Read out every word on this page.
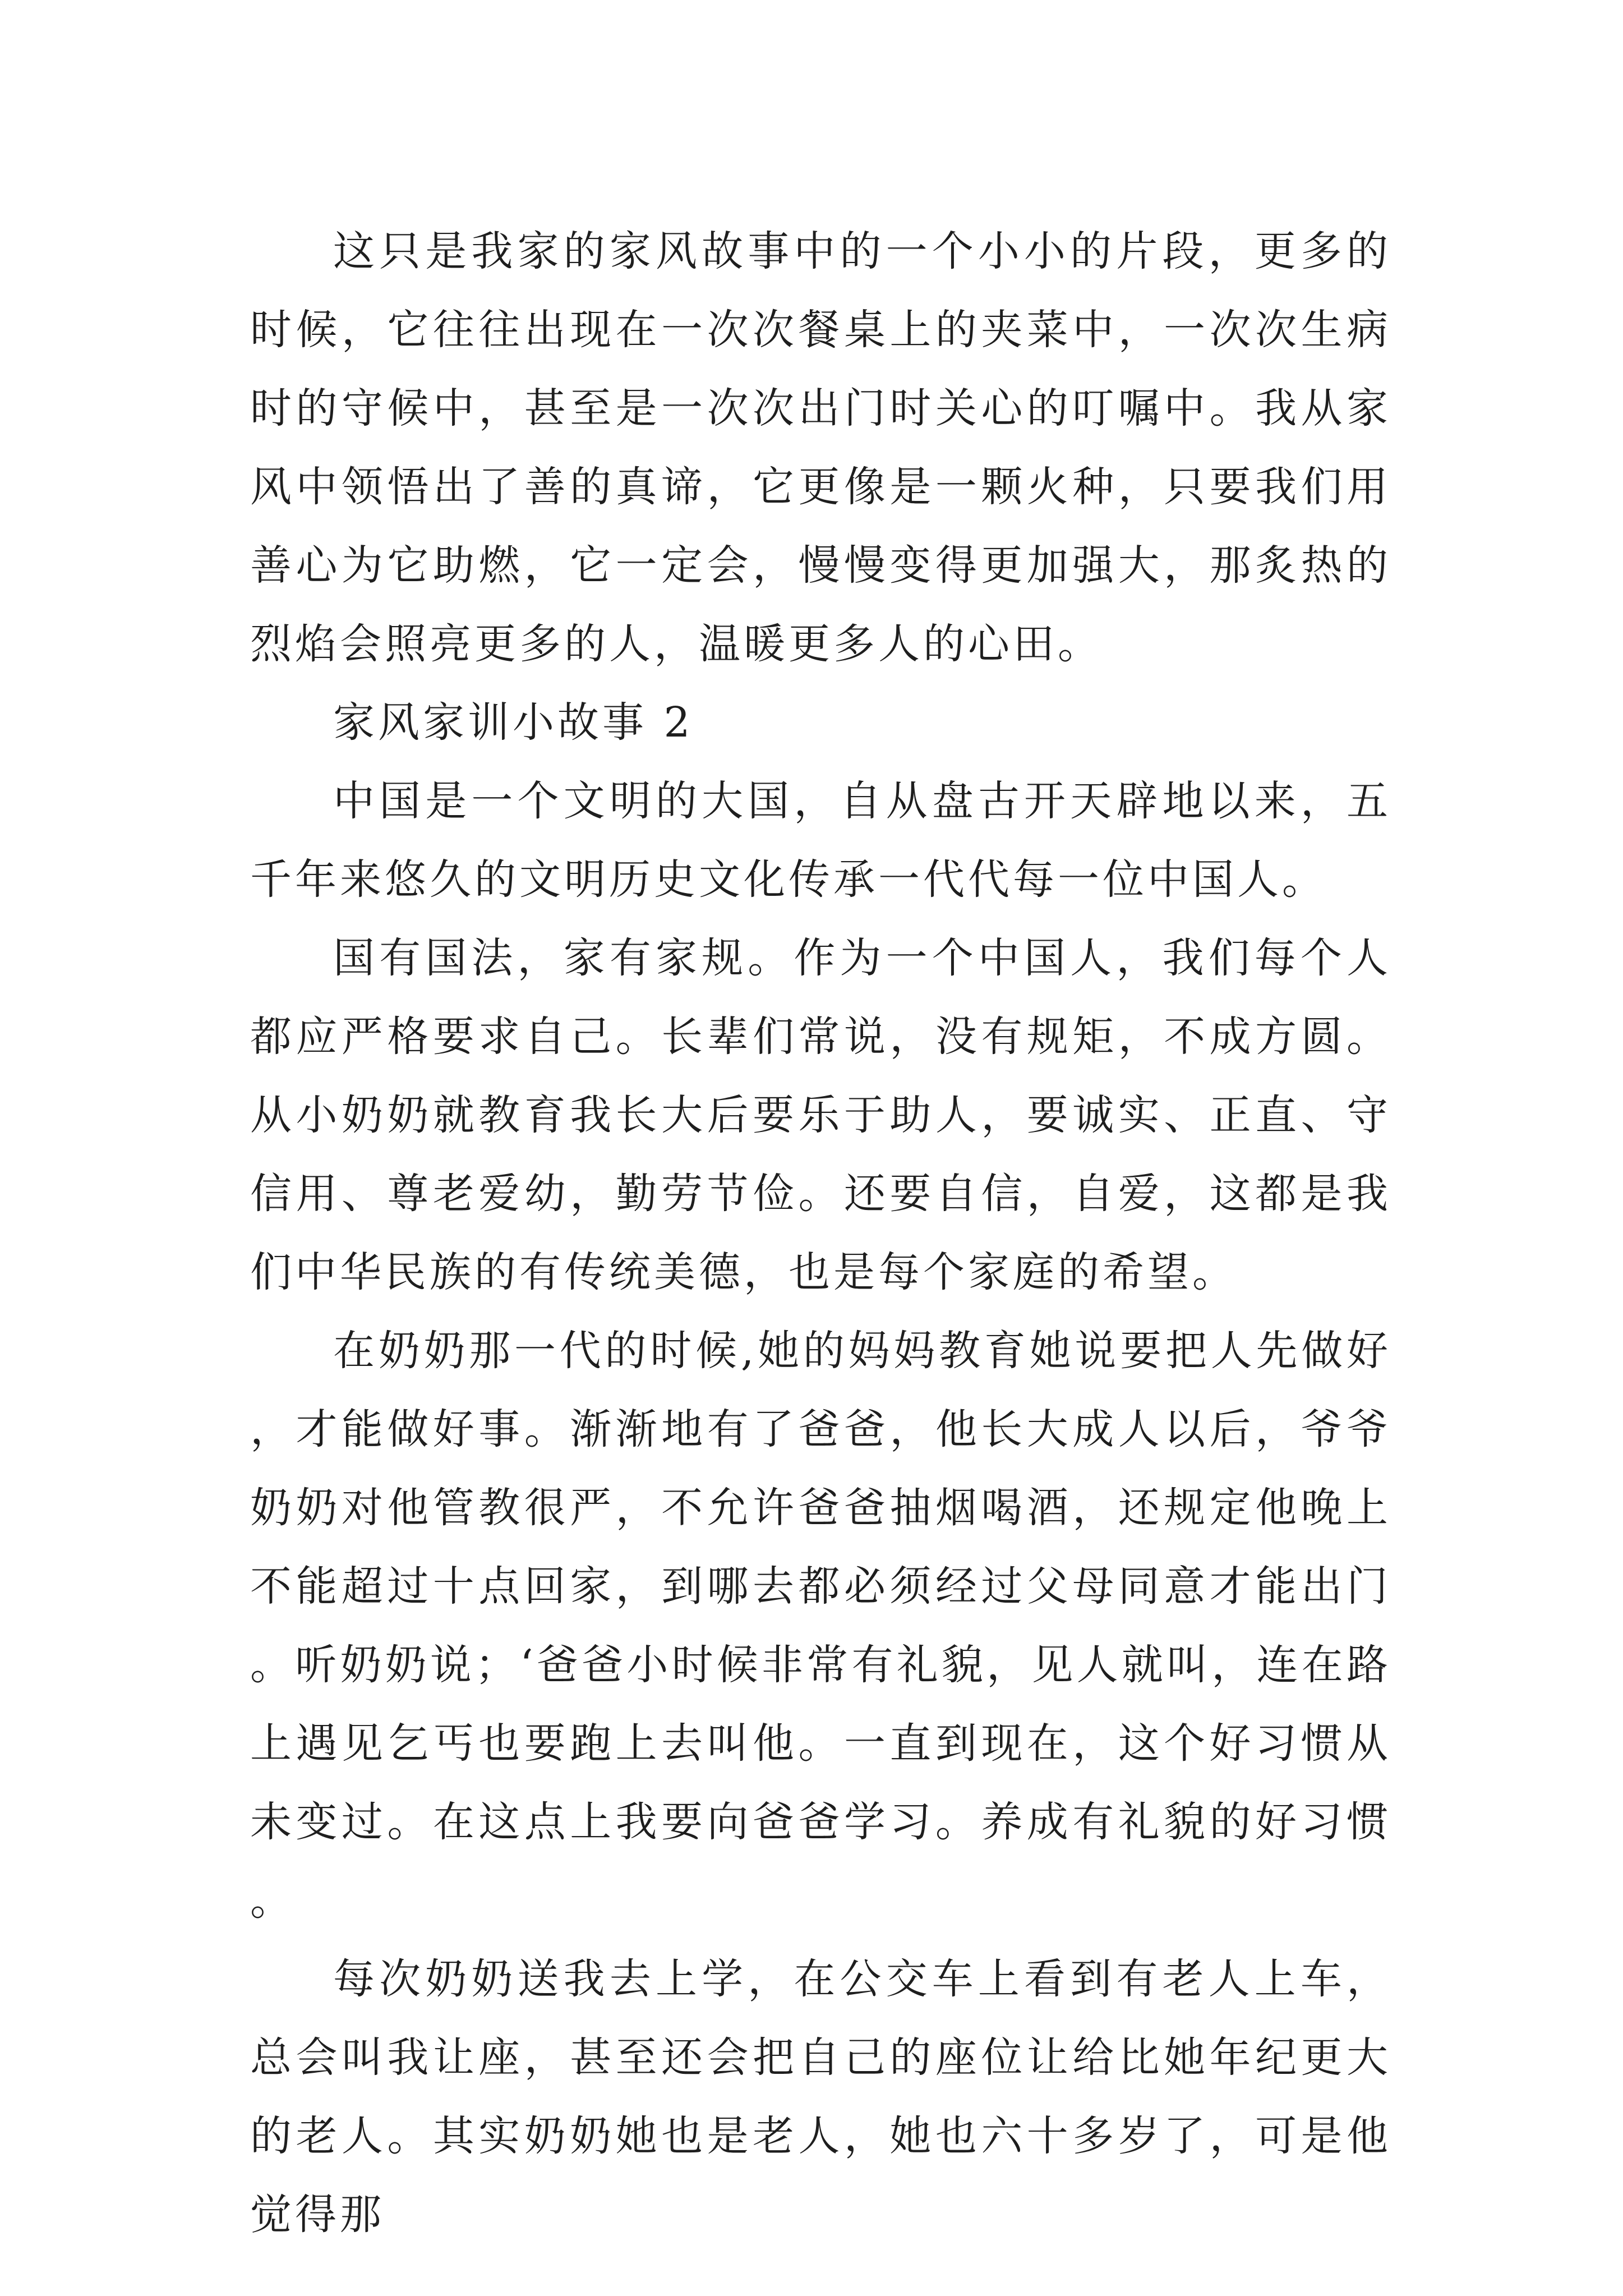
这只是我家的家风故事中的一个小小的片段，更多的时候，它往往出现在一次次餐桌上的夹菜中，一次次生病时的守候中，甚至是一次次出门时关心的叮嘱中。我从家风中领悟出了善的真谛，它更像是一颗火种，只要我们用善心为它助燃，它一定会，慢慢变得更加强大，那炙热的烈焰会照亮更多的人，温暖更多人的心田。

家风家训小故事 2

中国是一个文明的大国，自从盘古开天辟地以来，五千年来悠久的文明历史文化传承一代代每一位中国人。

国有国法，家有家规。作为一个中国人，我们每个人都应严格要求自己。长辈们常说，没有规矩，不成方圆。从小奶奶就教育我长大后要乐于助人，要诚实、正直、守信用、尊老爱幼，勤劳节俭。还要自信，自爱，这都是我们中华民族的有传统美德，也是每个家庭的希望。

在奶奶那一代的时候,她的妈妈教育她说要把人先做好，才能做好事。渐渐地有了爸爸，他长大成人以后，爷爷奶奶对他管教很严，不允许爸爸抽烟喝酒，还规定他晚上不能超过十点回家，到哪去都必须经过父母同意才能出门。听奶奶说；‘爸爸小时候非常有礼貌，见人就叫，连在路上遇见乞丐也要跑上去叫他。一直到现在，这个好习惯从未变过。在这点上我要向爸爸学习。养成有礼貌的好习惯。

每次奶奶送我去上学，在公交车上看到有老人上车，总会叫我让座，甚至还会把自己的座位让给比她年纪更大的老人。其实奶奶她也是老人，她也六十多岁了，可是他觉得那
